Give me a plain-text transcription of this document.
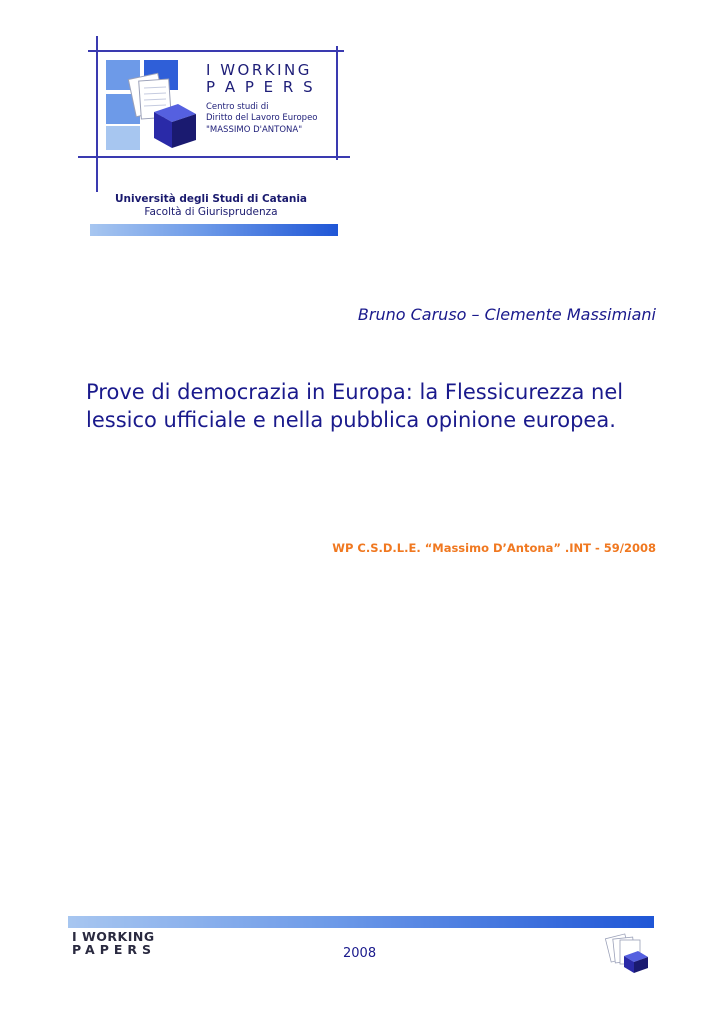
I WORKING
P A P E R S
Centro studi di
Diritto del Lavoro Europeo
"MASSIMO D'ANTONA"
Università degli Studi di Catania
Facoltà di Giurisprudenza
Bruno Caruso – Clemente Massimiani
Prove di democrazia in Europa: la Flessicurezza nel lessico ufficiale e nella pubblica opinione europea.
WP C.S.D.L.E. “Massimo D’Antona” .INT - 59/2008
I WORKING
PAPERS	2008
